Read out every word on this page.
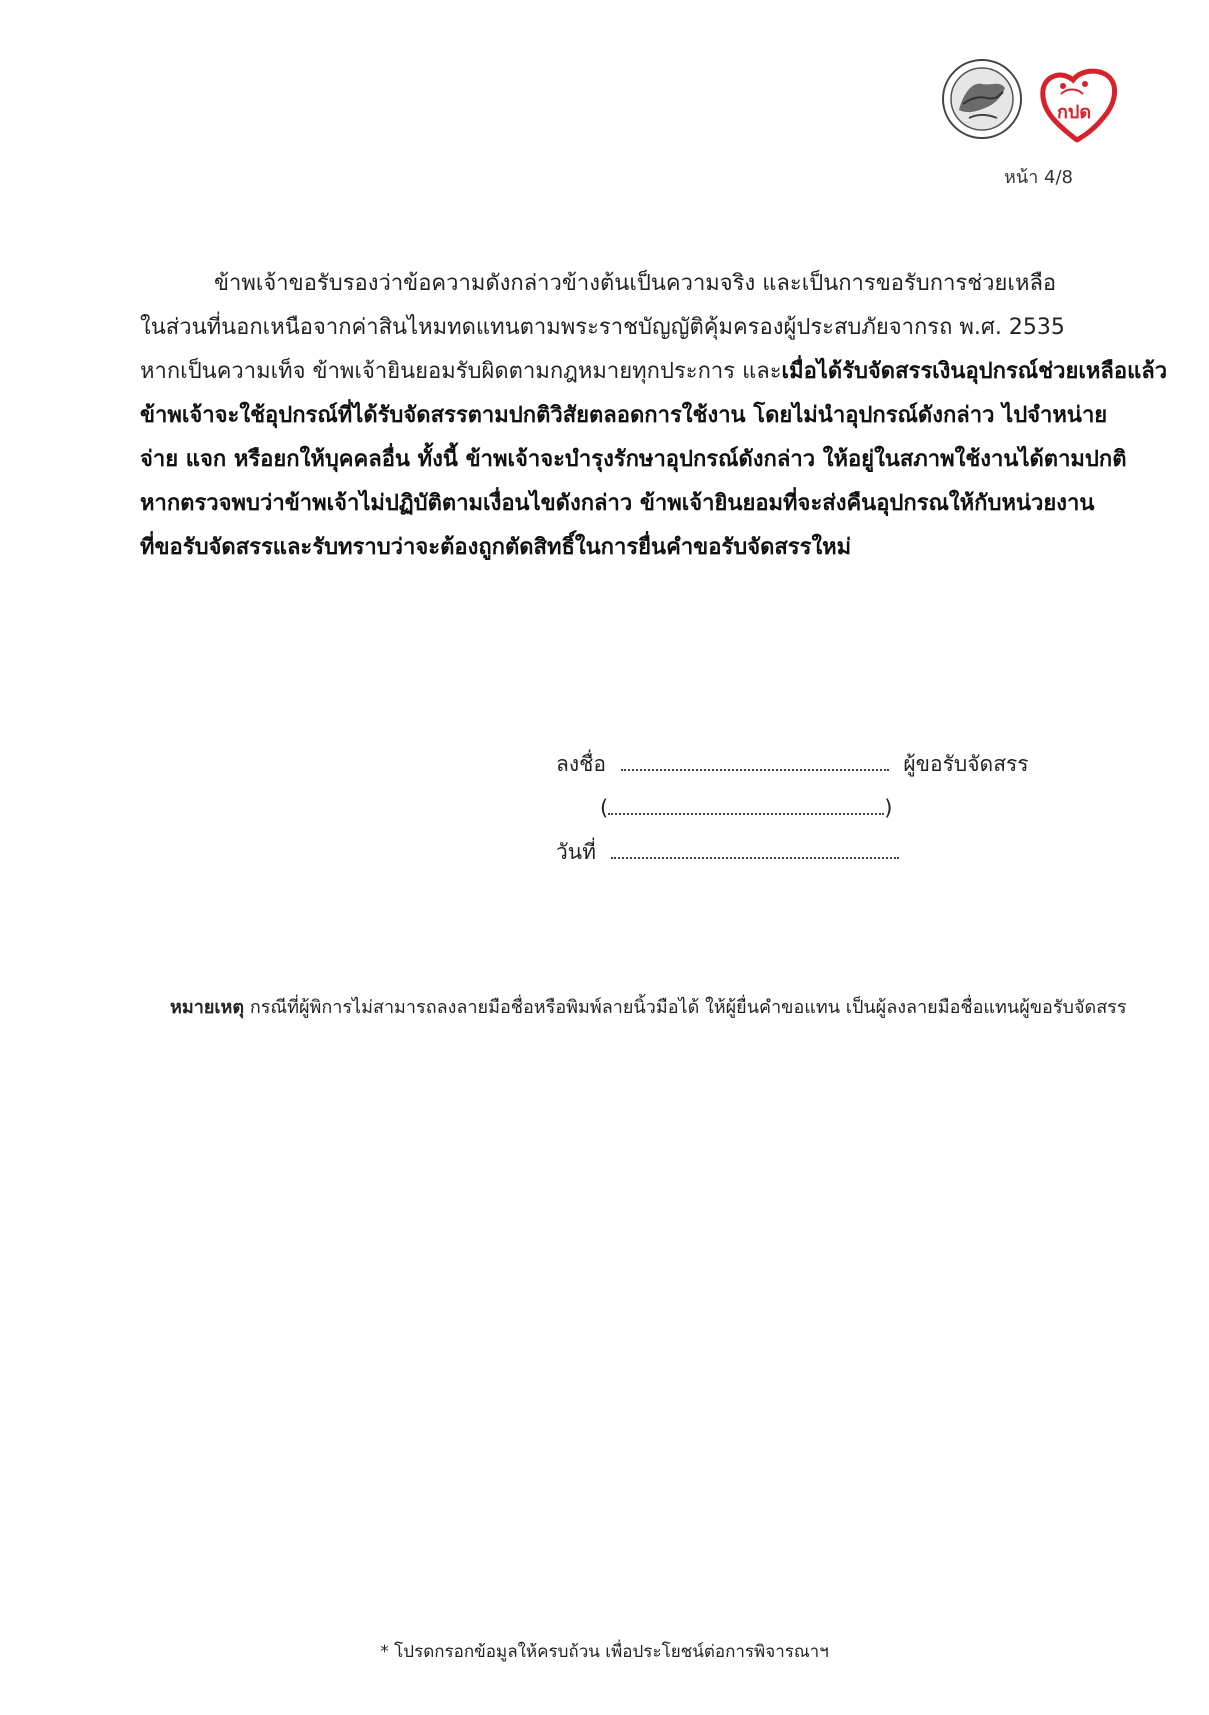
กปด
หน้า 4/8
ข้าพเจ้าขอรับรองว่าข้อความดังกล่าวข้างต้นเป็นความจริง และเป็นการขอรับการช่วยเหลือ
ในส่วนที่นอกเหนือจากค่าสินไหมทดแทนตามพระราชบัญญัติคุ้มครองผู้ประสบภัยจากรถ พ.ศ. 2535
หากเป็นความเท็จ ข้าพเจ้ายินยอมรับผิดตามกฎหมายทุกประการ และเมื่อได้รับจัดสรรเงินอุปกรณ์ช่วยเหลือแล้ว
ข้าพเจ้าจะใช้อุปกรณ์ที่ได้รับจัดสรรตามปกติวิสัยตลอดการใช้งาน โดยไม่นำอุปกรณ์ดังกล่าว ไปจำหน่าย
จ่าย แจก หรือยกให้บุคคลอื่น ทั้งนี้ ข้าพเจ้าจะบำรุงรักษาอุปกรณ์ดังกล่าว ให้อยู่ในสภาพใช้งานได้ตามปกติ
หากตรวจพบว่าข้าพเจ้าไม่ปฏิบัติตามเงื่อนไขดังกล่าว ข้าพเจ้ายินยอมที่จะส่งคืนอุปกรณให้กับหน่วยงาน
ที่ขอรับจัดสรรและรับทราบว่าจะต้องถูกตัดสิทธิ์ในการยื่นคำขอรับจัดสรรใหม่
ลงชื่อ	ผู้ขอรับจัดสรร
(	)
วันที่
หมายเหตุ กรณีที่ผู้พิการไม่สามารถลงลายมือชื่อหรือพิมพ์ลายนิ้วมือได้ ให้ผู้ยื่นคำขอแทน เป็นผู้ลงลายมือชื่อแทนผู้ขอรับจัดสรร
* โปรดกรอกข้อมูลให้ครบถ้วน เพื่อประโยชน์ต่อการพิจารณาฯ
